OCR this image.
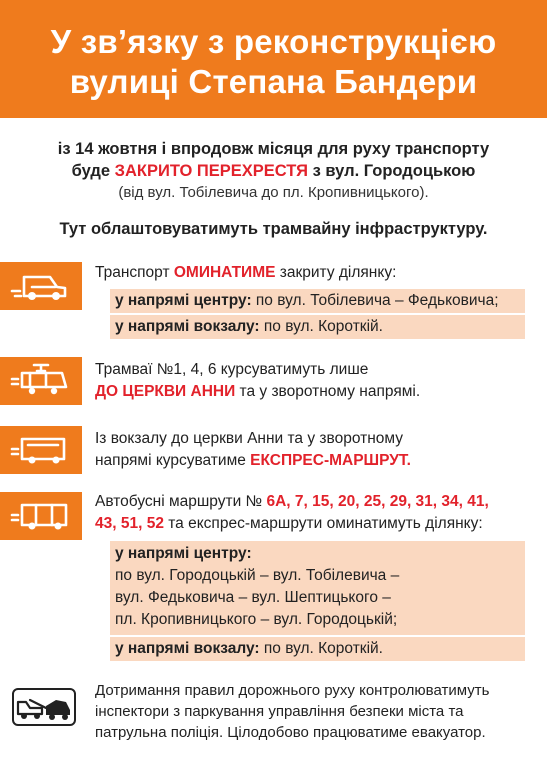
У зв’язку з реконструкцією
вулиці Степана Бандери
із 14 жовтня і впродовж місяця для руху транспорту
буде ЗАКРИТО ПЕРЕХРЕСТЯ з вул. Городоцькою
(від вул. Тобілевича до пл. Кропивницького).
Тут облаштовуватимуть трамвайну інфраструктуру.
Транспорт ОМИНАТИМЕ закриту ділянку:
у напрямі центру: по вул. Тобілевича – Федьковича;
у напрямі вокзалу: по вул. Короткій.
Трамваї №1, 4, 6 курсуватимуть лише
ДО ЦЕРКВИ АННИ та у зворотному напрямі.
Із вокзалу до церкви Анни та у зворотному
напрямі курсуватиме ЕКСПРЕС-МАРШРУТ.
Автобусні маршрути № 6А, 7, 15, 20, 25, 29, 31, 34, 41,
43, 51, 52 та експрес-маршрути оминатимуть ділянку:
у напрямі центру:
по вул. Городоцькій – вул. Тобілевича –
вул. Федьковича – вул. Шептицького –
пл. Кропивницького – вул. Городоцькій;
у напрямі вокзалу: по вул. Короткій.
Дотримання правил дорожнього руху контролюватимуть
інспектори з паркування управління безпеки міста та
патрульна поліція. Цілодобово працюватиме евакуатор.
